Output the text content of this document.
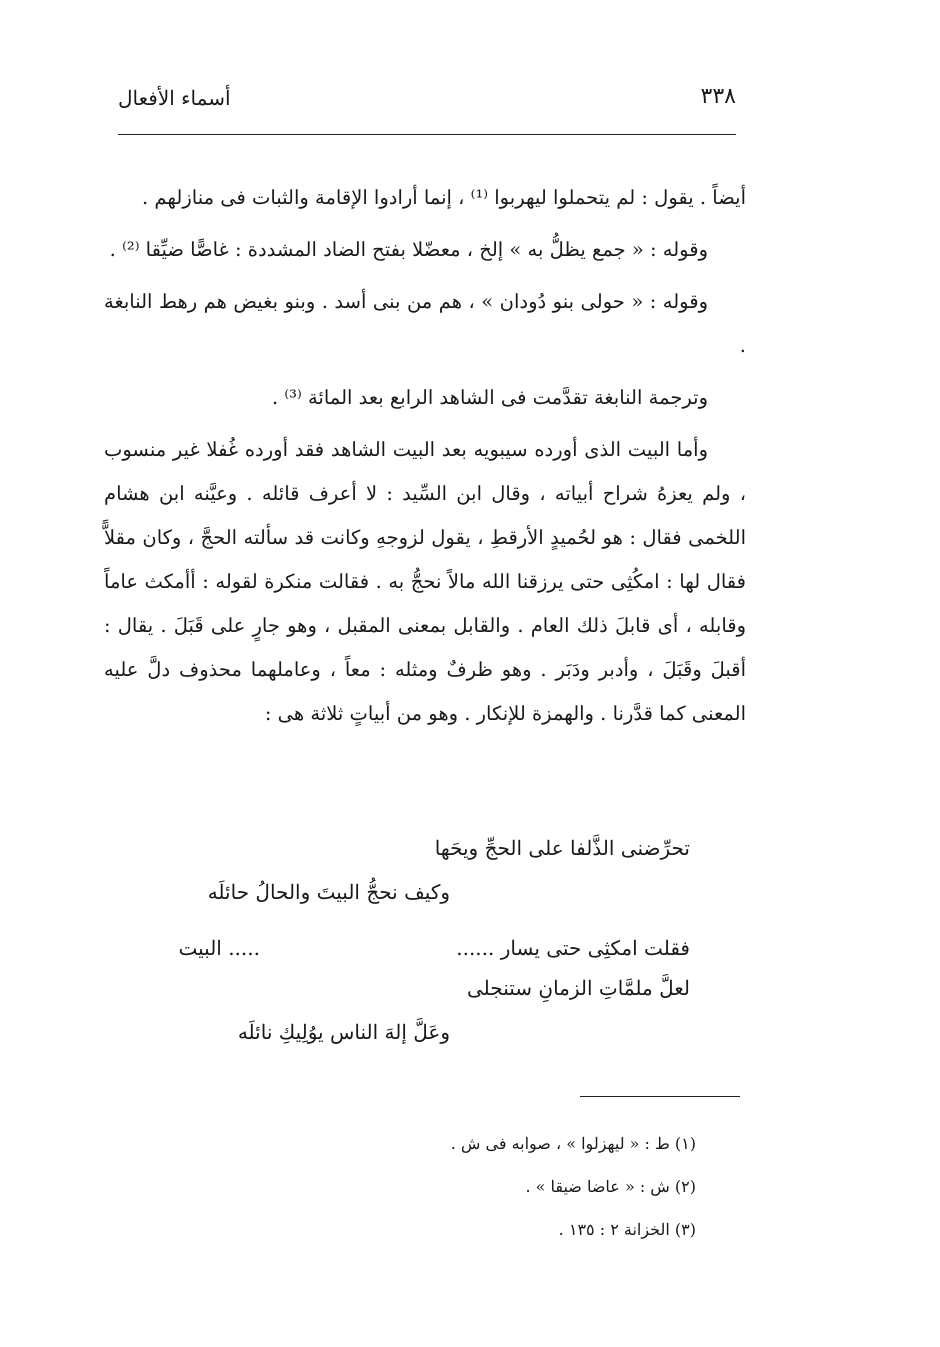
٣٣٨
أسماء الأفعال

أيضاً . يقول : لم يتحملوا ليهربوا ⁽¹⁾ ، إنما أرادوا الإقامة والثبات فى منازلهم .

وقوله : « جمع يظلُّ به » إلخ ، معضّلا بفتح الضاد المشددة : غاصًّا ضيِّقا ⁽²⁾ .

وقوله : « حولى بنو دُودان » ، هم من بنى أسد . وبنو بغيض هم رهط النابغة .

وترجمة النابغة تقدَّمت فى الشاهد الرابع بعد المائة ⁽³⁾ .

وأما البيت الذى أورده سيبويه بعد البيت الشاهد فقد أورده غُفلا غير منسوب ، ولم يعزهُ شراح أبياته ، وقال ابن السِّيد : لا أعرف قائله . وعيَّنه ابن هشام اللخمى فقال : هو لحُميدٍ الأرقطِ ، يقول لزوجهِ وكانت قد سألته الحجَّ ، وكان مقلاًّ فقال لها : امكُثِى حتى يرزقنا الله مالاً نحجُّ به . فقالت منكرة لقوله : أأمكث عاماً وقابله ، أى قابلَ ذلك العام . والقابل بمعنى المقبل ، وهو جارٍ على قَبَلَ . يقال : أقبلَ وقَبَلَ ، وأدبر ودَبَر . وهو ظرفٌ ومثله : معاً ، وعاملهما محذوف دلَّ عليه المعنى كما قدَّرنا . والهمزة للإنكار . وهو من أبياتٍ ثلاثة هى :

تحرِّضنى الذَّلفا على الحجِّ ويحَها
وكيف نحجُّ البيتَ والحالُ حائلَه
فقلت امكثِى حتى يسار ......
..... البيت
لعلَّ ملمَّاتِ الزمانِ ستنجلى
وعَلَّ إلهَ الناس يوُلِيكِ نائلَه

(١) ط : « ليهزلوا » ، صوابه فى ش .

(٢) ش : « عاضا ضيقا » .

(٣) الخزانة ٢ : ١٣٥ .
